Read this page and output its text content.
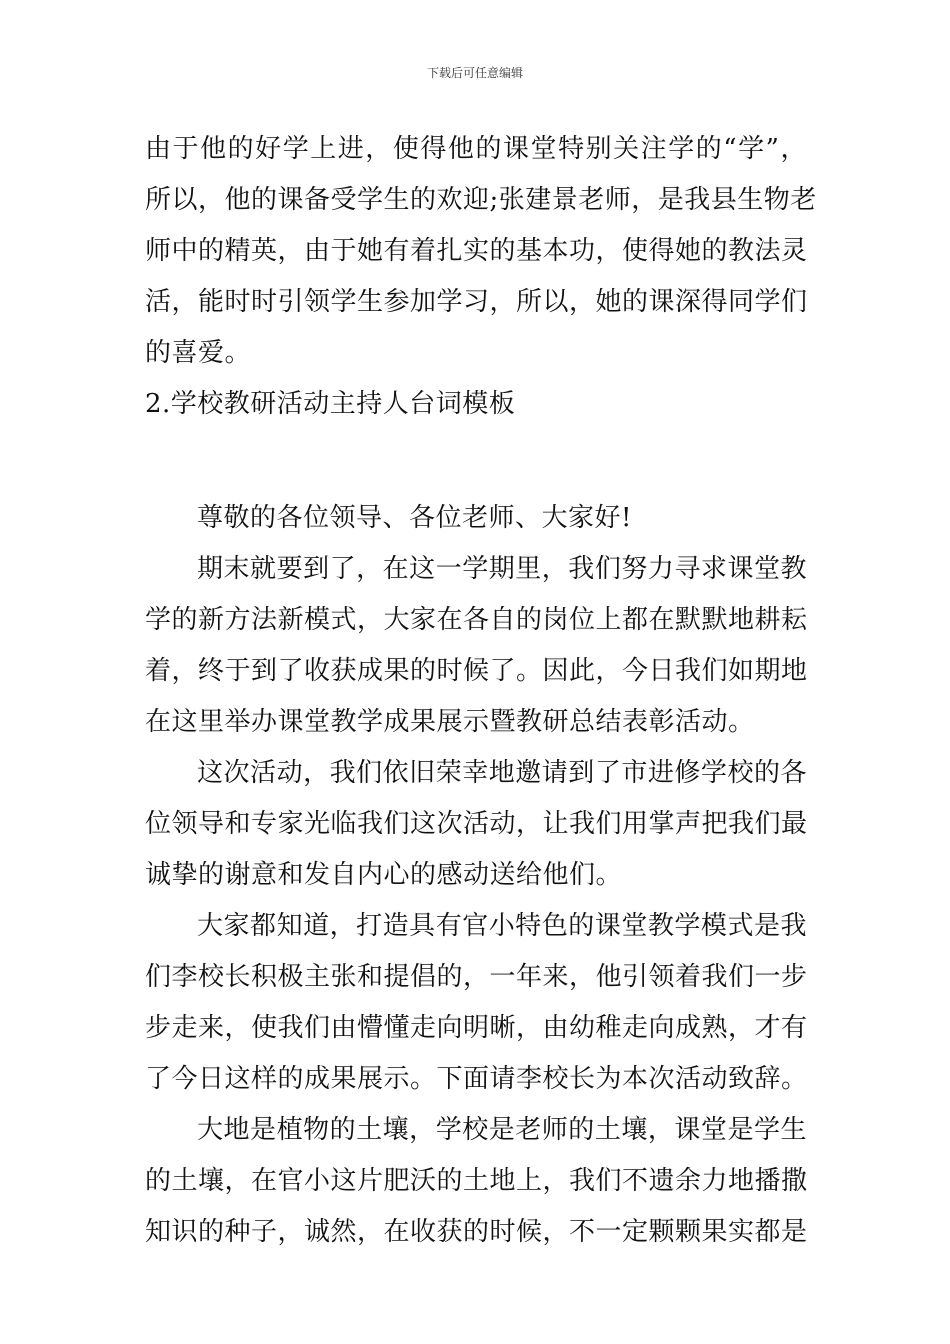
下载后可任意编辑
由于他的好学上进，使得他的课堂特别关注学的“学”，
所以，他的课备受学生的欢迎;张建景老师，是我县生物老
师中的精英，由于她有着扎实的基本功，使得她的教法灵
活，能时时引领学生参加学习，所以，她的课深得同学们
的喜爱。
2.学校教研活动主持人台词模板
尊敬的各位领导、各位老师、大家好!
期末就要到了，在这一学期里，我们努力寻求课堂教
学的新方法新模式，大家在各自的岗位上都在默默地耕耘
着，终于到了收获成果的时候了。因此，今日我们如期地
在这里举办课堂教学成果展示暨教研总结表彰活动。
这次活动，我们依旧荣幸地邀请到了市进修学校的各
位领导和专家光临我们这次活动，让我们用掌声把我们最
诚挚的谢意和发自内心的感动送给他们。
大家都知道，打造具有官小特色的课堂教学模式是我
们李校长积极主张和提倡的，一年来，他引领着我们一步
步走来，使我们由懵懂走向明晰，由幼稚走向成熟，才有
了今日这样的成果展示。下面请李校长为本次活动致辞。
大地是植物的土壤，学校是老师的土壤，课堂是学生
的土壤，在官小这片肥沃的土地上，我们不遗余力地播撒
知识的种子，诚然，在收获的时候，不一定颗颗果实都是
